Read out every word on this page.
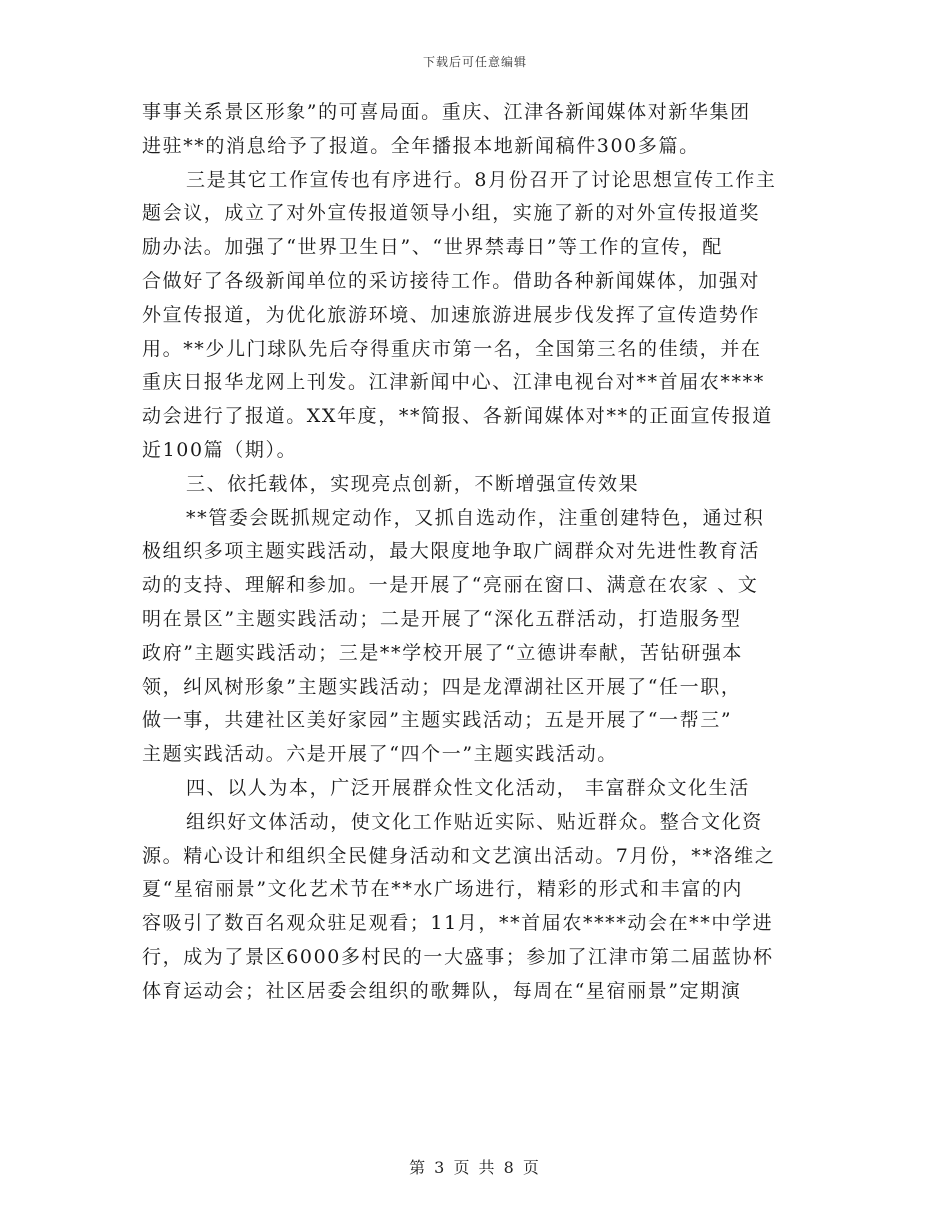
下载后可任意编辑
事事关系景区形象”的可喜局面。重庆、江津各新闻媒体对新华集团
进驻**的消息给予了报道。全年播报本地新闻稿件300多篇。
三是其它工作宣传也有序进行。8月份召开了讨论思想宣传工作主
题会议，成立了对外宣传报道领导小组，实施了新的对外宣传报道奖
励办法。加强了“世界卫生日”、“世界禁毒日”等工作的宣传，配
合做好了各级新闻单位的采访接待工作。借助各种新闻媒体，加强对
外宣传报道，为优化旅游环境、加速旅游进展步伐发挥了宣传造势作
用。**少儿门球队先后夺得重庆市第一名，全国第三名的佳绩，并在
重庆日报华龙网上刊发。江津新闻中心、江津电视台对**首届农****
动会进行了报道。XX年度，**简报、各新闻媒体对**的正面宣传报道
近100篇（期）。
三、依托载体，实现亮点创新，不断增强宣传效果
**管委会既抓规定动作，又抓自选动作，注重创建特色，通过积
极组织多项主题实践活动，最大限度地争取广阔群众对先进性教育活
动的支持、理解和参加。一是开展了“亮丽在窗口、满意在农家 、文
明在景区”主题实践活动；二是开展了“深化五群活动，打造服务型
政府”主题实践活动；三是**学校开展了“立德讲奉献，苦钻研强本
领，纠风树形象”主题实践活动；四是龙潭湖社区开展了“任一职，
做一事，共建社区美好家园”主题实践活动；五是开展了“一帮三”
主题实践活动。六是开展了“四个一”主题实践活动。
四、以人为本，广泛开展群众性文化活动， 丰富群众文化生活
组织好文体活动，使文化工作贴近实际、贴近群众。整合文化资
源。精心设计和组织全民健身活动和文艺演出活动。7月份，**洛维之
夏“星宿丽景”文化艺术节在**水广场进行，精彩的形式和丰富的内
容吸引了数百名观众驻足观看；11月，**首届农****动会在**中学进
行，成为了景区6000多村民的一大盛事；参加了江津市第二届蓝协杯
体育运动会；社区居委会组织的歌舞队，每周在“星宿丽景”定期演
第 3 页 共 8 页
